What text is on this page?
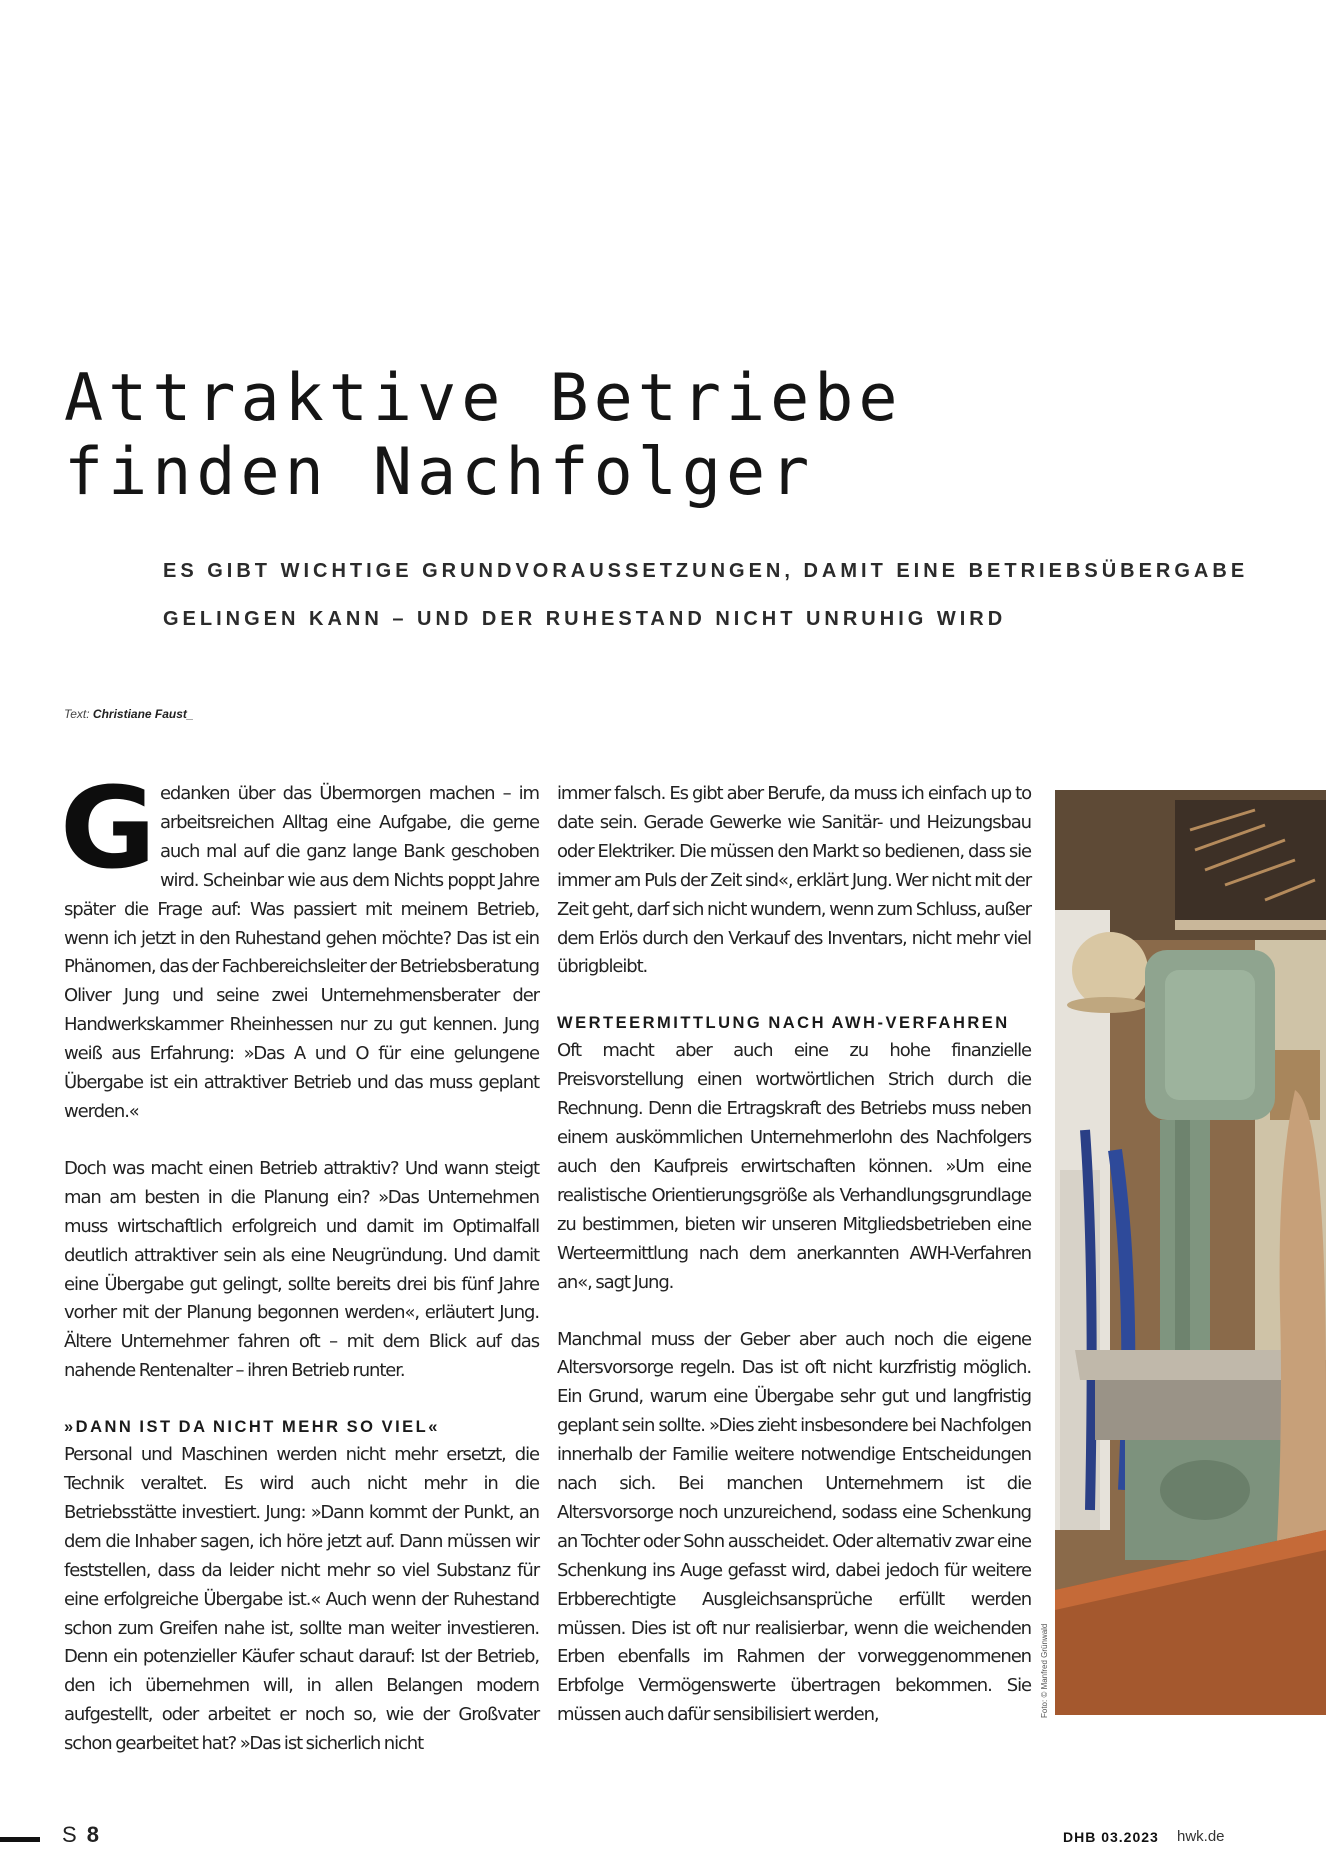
Attraktive Betriebe
finden Nachfolger
ES GIBT WICHTIGE GRUNDVORAUSSETZUNGEN, DAMIT EINE BETRIEBSÜBERGABE
GELINGEN KANN – UND DER RUHESTAND NICHT UNRUHIG WIRD
Text: Christiane Faust_

Gedanken über das Übermorgen machen – im arbeitsreichen Alltag eine Aufgabe, die gerne auch mal auf die ganz lange Bank geschoben wird. Scheinbar wie aus dem Nichts poppt Jahre später die Frage auf: Was passiert mit meinem Betrieb, wenn ich jetzt in den Ruhestand gehen möchte? Das ist ein Phänomen, das der Fachbereichsleiter der Betriebsberatung Oliver Jung und seine zwei Unternehmensberater der Handwerkskammer Rheinhessen nur zu gut kennen. Jung weiß aus Erfahrung: »Das A und O für eine gelungene Übergabe ist ein attraktiver Betrieb und das muss geplant werden.«

Doch was macht einen Betrieb attraktiv? Und wann steigt man am besten in die Planung ein? »Das Unternehmen muss wirtschaftlich erfolgreich und damit im Optimalfall deutlich attraktiver sein als eine Neugründung. Und damit eine Übergabe gut gelingt, sollte bereits drei bis fünf Jahre vorher mit der Planung begonnen werden«, erläutert Jung. Ältere Unternehmer fahren oft – mit dem Blick auf das nahende Rentenalter – ihren Betrieb runter.

»DANN IST DA NICHT MEHR SO VIEL«

Personal und Maschinen werden nicht mehr ersetzt, die Technik veraltet. Es wird auch nicht mehr in die Betriebsstätte investiert. Jung: »Dann kommt der Punkt, an dem die Inhaber sagen, ich höre jetzt auf. Dann müssen wir feststellen, dass da leider nicht mehr so viel Substanz für eine erfolgreiche Übergabe ist.« Auch wenn der Ruhestand schon zum Greifen nahe ist, sollte man weiter investieren. Denn ein potenzieller Käufer schaut darauf: Ist der Betrieb, den ich übernehmen will, in allen Belangen modern aufgestellt, oder arbeitet er noch so, wie der Großvater schon gearbeitet hat? »Das ist sicherlich nicht

immer falsch. Es gibt aber Berufe, da muss ich einfach up to date sein. Gerade Gewerke wie Sanitär- und Heizungsbau oder Elektriker. Die müssen den Markt so bedienen, dass sie immer am Puls der Zeit sind«, erklärt Jung. Wer nicht mit der Zeit geht, darf sich nicht wundern, wenn zum Schluss, außer dem Erlös durch den Verkauf des Inventars, nicht mehr viel übrigbleibt.

WERTEERMITTLUNG NACH AWH-VERFAHREN

Oft macht aber auch eine zu hohe finanzielle Preisvorstellung einen wortwörtlichen Strich durch die Rechnung. Denn die Ertragskraft des Betriebs muss neben einem auskömmlichen Unternehmerlohn des Nachfolgers auch den Kaufpreis erwirtschaften können. »Um eine realistische Orientierungsgröße als Verhandlungsgrundlage zu bestimmen, bieten wir unseren Mitgliedsbetrieben eine Werteermittlung nach dem anerkannten AWH-Verfahren an«, sagt Jung.

Manchmal muss der Geber aber auch noch die eigene Altersvorsorge regeln. Das ist oft nicht kurzfristig möglich. Ein Grund, warum eine Übergabe sehr gut und langfristig geplant sein sollte. »Dies zieht insbesondere bei Nachfolgen innerhalb der Familie weitere notwendige Entscheidungen nach sich. Bei manchen Unternehmern ist die Altersvorsorge noch unzureichend, sodass eine Schenkung an Tochter oder Sohn ausscheidet. Oder alternativ zwar eine Schenkung ins Auge gefasst wird, dabei jedoch für weitere Erbberechtigte Ausgleichsansprüche erfüllt werden müssen. Dies ist oft nur realisierbar, wenn die weichenden Erben ebenfalls im Rahmen der vorweggenommenen Erbfolge Vermögenswerte übertragen bekommen. Sie müssen auch dafür sensibilisiert werden,	Foto: © Manfred Grünwald
S 8	DHB 03.2023 hwk.de
